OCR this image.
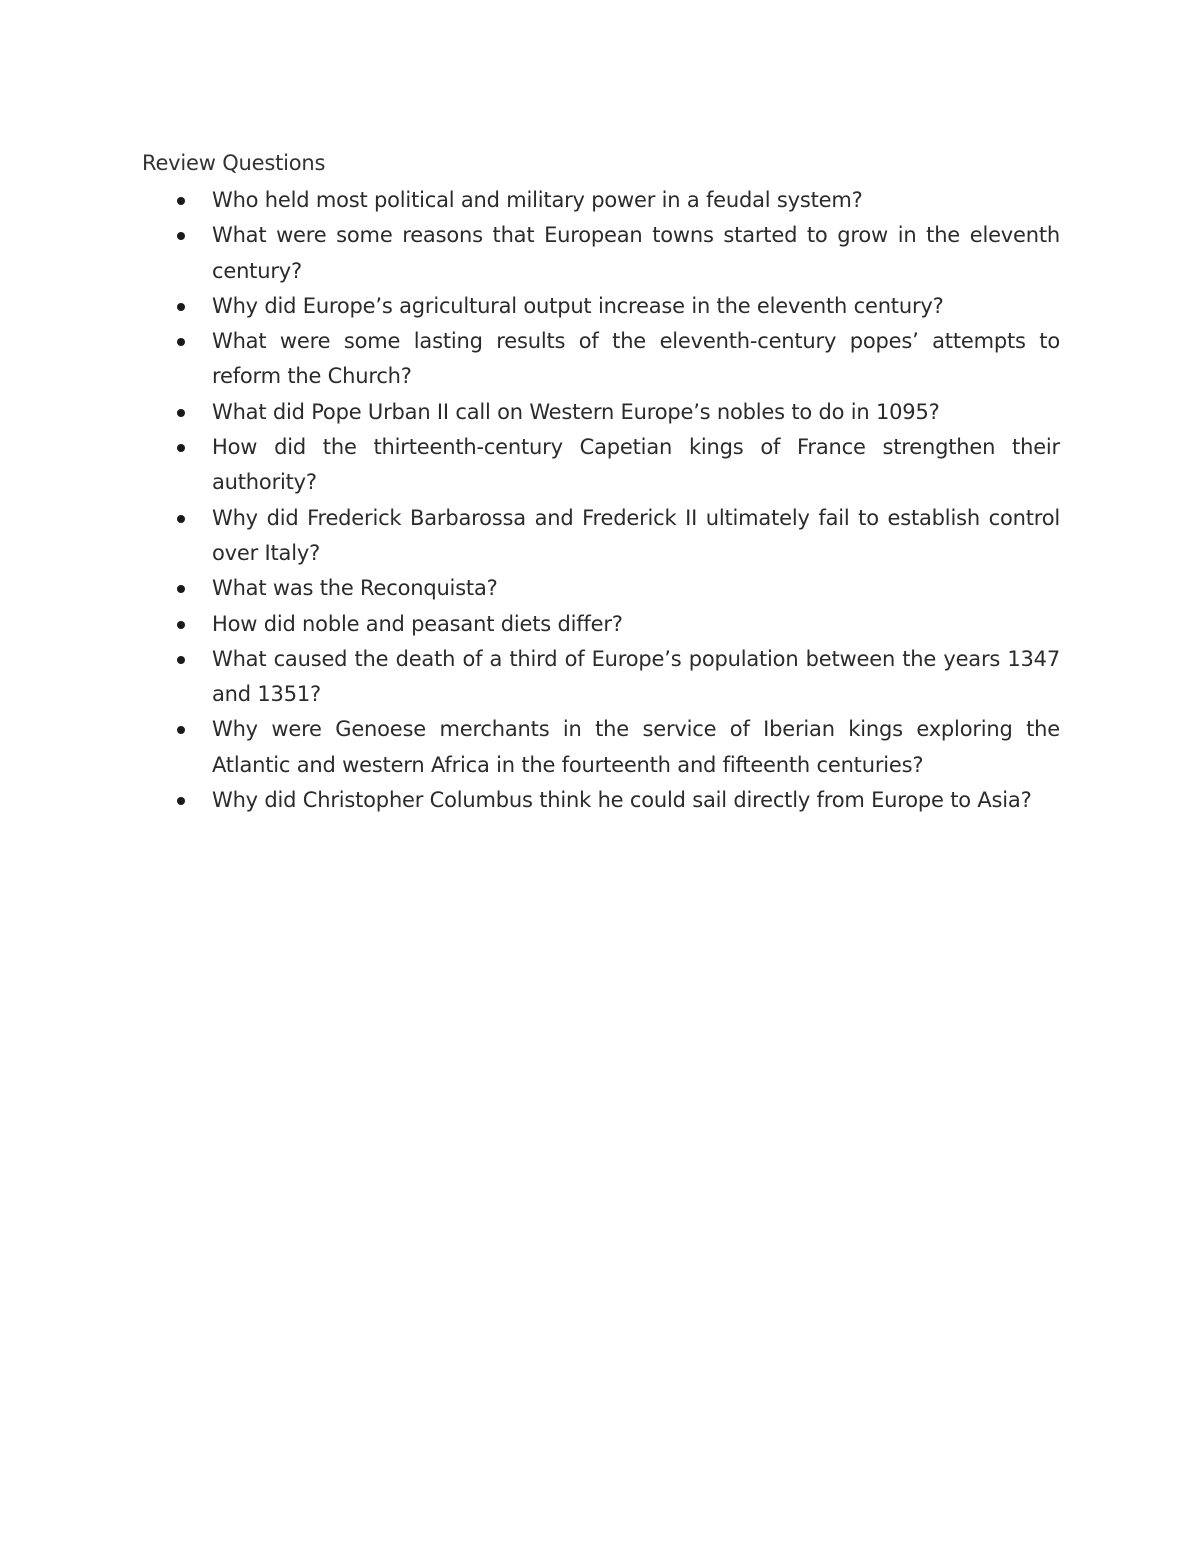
Review Questions
Who held most political and military power in a feudal system?
What were some reasons that European towns started to grow in the eleventh century?
Why did Europe’s agricultural output increase in the eleventh century?
What were some lasting results of the eleventh-century popes’ attempts to reform the Church?
What did Pope Urban II call on Western Europe’s nobles to do in 1095?
How did the thirteenth-century Capetian kings of France strengthen their authority?
Why did Frederick Barbarossa and Frederick II ultimately fail to establish control over Italy?
What was the Reconquista?
How did noble and peasant diets differ?
What caused the death of a third of Europe’s population between the years 1347 and 1351?
Why were Genoese merchants in the service of Iberian kings exploring the Atlantic and western Africa in the fourteenth and fifteenth centuries?
Why did Christopher Columbus think he could sail directly from Europe to Asia?
